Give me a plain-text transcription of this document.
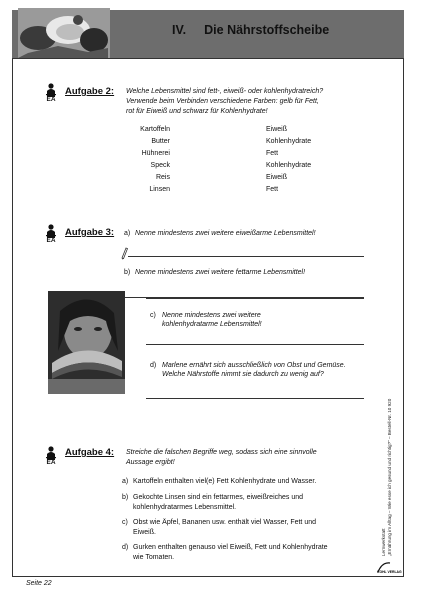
IV. Die Nährstoffscheibe
EA
Aufgabe 2: Welche Lebensmittel sind fett-, eiweiß- oder kohlenhydratreich?
Verwende beim Verbinden verschiedene Farben: gelb für Fett,
rot für Eiweiß und schwarz für Kohlenhydrate!
Kartoffeln
Butter
Hühnerei
Speck
Reis
Linsen
Eiweiß
Kohlenhydrate
Fett
Kohlenhydrate
Eiweiß
Fett
EA
Aufgabe 3: a) Nenne mindestens zwei weitere eiweißarme Lebensmittel!
b) Nenne mindestens zwei weitere fettarme Lebensmittel!
c) Nenne mindestens zwei weitere
kohlenhydratarme Lebensmittel!
d) Marlene ernährt sich ausschließlich von Obst und Gemüse.
Welche Nährstoffe nimmt sie dadurch zu wenig auf?
EA
Aufgabe 4: Streiche die falschen Begriffe weg, sodass sich eine sinnvolle
Aussage ergibt!
a) Kartoffeln enthalten viel(e) Fett Kohlenhydrate und Wasser.
b) Gekochte Linsen sind ein fettarmes, eiweißreiches und
kohlenhydratarmes Lebensmittel.
c) Obst wie Äpfel, Bananen usw. enthält viel Wasser, Fett und
Eiweiß.
d) Gurken enthalten genauso viel Eiweiß, Fett und Kohlenhydrate
wie Tomaten.
Lernwerkstatt „Ernährung im Alltag – Wie esse ich gesund und richtig?“ – Bestell-Nr. 10 920
KOHL VERLAG
Seite 22
